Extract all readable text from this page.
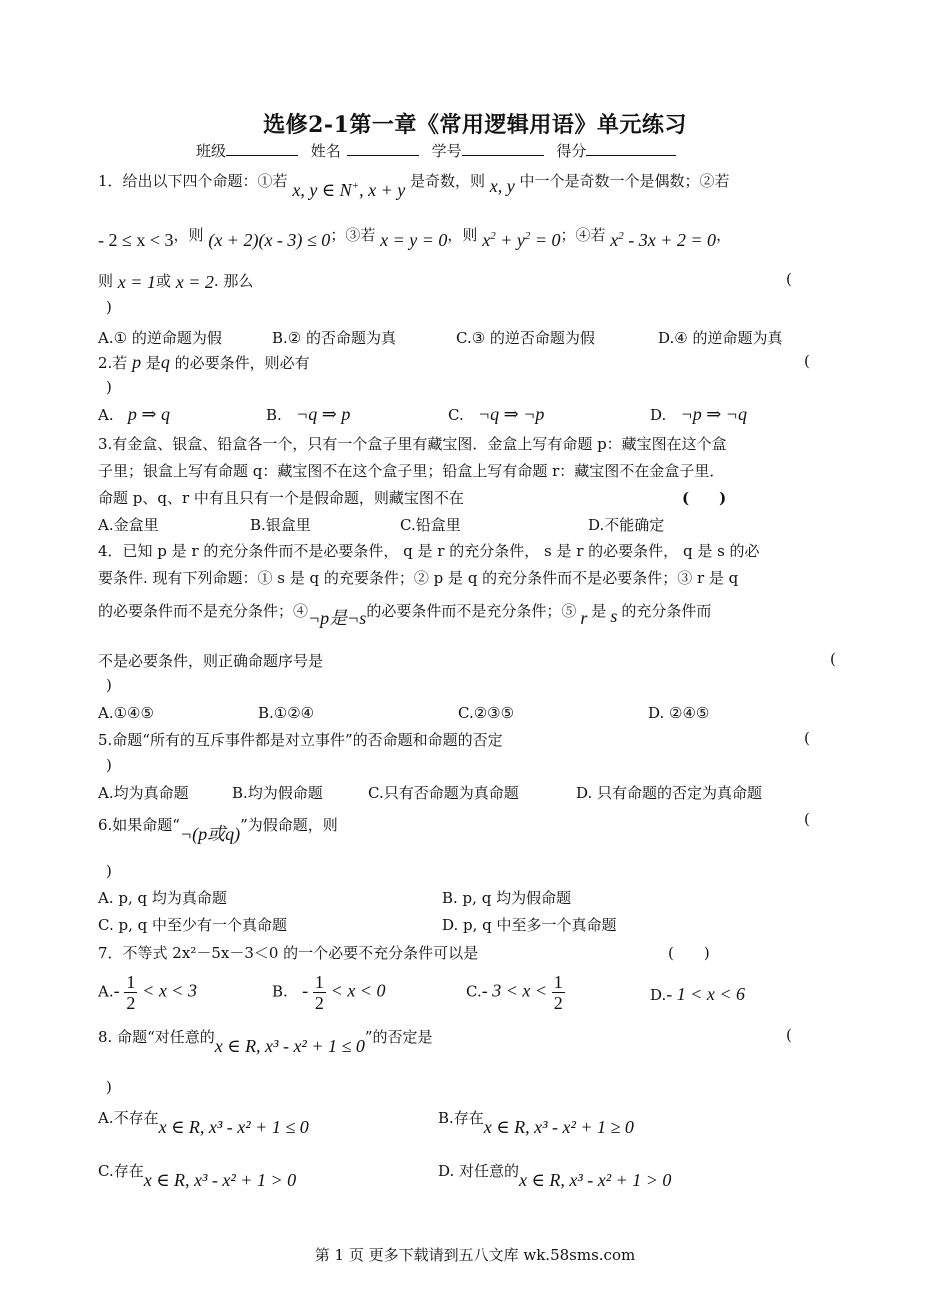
选修2-1第一章《常用逻辑用语》单元练习
班级	姓名	学号	得分
1．给出以下四个命题：①若 x, y ∈ N+, x + y 是奇数，则 x, y 中一个是奇数一个是偶数；②若
- 2 ≤ x < 3，则 (x + 2)(x - 3) ≤ 0；③若 x = y = 0，则 $x^2 + y^2 = 0$；④若 $x^2 - 3x + 2 = 0$，
则 x = 1或 x = 2. 那么	(
)
A.① 的逆命题为假	B.② 的否命题为真	C.③ 的逆否命题为假	D.④ 的逆命题为真
2.若 p 是q 的必要条件，则必有	(
)
A. p ⇒ q	B. ¬q ⇒ p	C. ¬q ⇒ ¬p	D. ¬p ⇒ ¬q
3.有金盒、银盒、铅盒各一个，只有一个盒子里有藏宝图．金盒上写有命题 p：藏宝图在这个盒
子里；银盒上写有命题 q：藏宝图不在这个盒子里；铅盒上写有命题 r：藏宝图不在金盒子里．
命题 p、q、r 中有且只有一个是假命题，则藏宝图不在	(　　)
A.金盒里	B.银盒里	C.铅盒里	D.不能确定
4．已知 p 是 r 的充分条件而不是必要条件， q 是 r 的充分条件， s 是 r 的必要条件， q 是 s 的必
要条件. 现有下列命题：① s 是 q 的充要条件；② p 是 q 的充分条件而不是必要条件；③ r 是 q
的必要条件而不是充分条件；④¬p是¬s的必要条件而不是充分条件；⑤ r 是 s 的充分条件而
不是必要条件，则正确命题序号是	(
)
A.①④⑤	B.①②④	C.②③⑤	D. ②④⑤
5.命题“所有的互斥事件都是对立事件”的否命题和命题的否定	(
)
A.均为真命题	B.均为假命题	C.只有否命题为真命题	D. 只有命题的否定为真命题
6.如果命题“¬(p或q)”为假命题，则	(
)
A. p, q 均为真命题	B. p, q 均为假命题
C. p, q 中至少有一个真命题	D. p, q 中至多一个真命题
7．不等式 2x²－5x－3＜0 的一个必要不充分条件可以是	(　　)
$A.- \frac{1}{2} < x < 3$	B. - $\frac{1}{2} < x < 0$	C.- $3 < x < \frac{1}{2}$	D.- 1 < x < 6
8. 命题“对任意的x ∈ R, x³ - x² + 1 ≤ 0”的否定是	(
)
A.不存在x ∈ R, x³ - x² + 1 ≤ 0	B.存在x ∈ R, x³ - x² + 1 ≥ 0
C.存在x ∈ R, x³ - x² + 1 > 0	D. 对任意的x ∈ R, x³ - x² + 1 > 0
第 1 页 更多下载请到五八文库 wk.58sms.com
